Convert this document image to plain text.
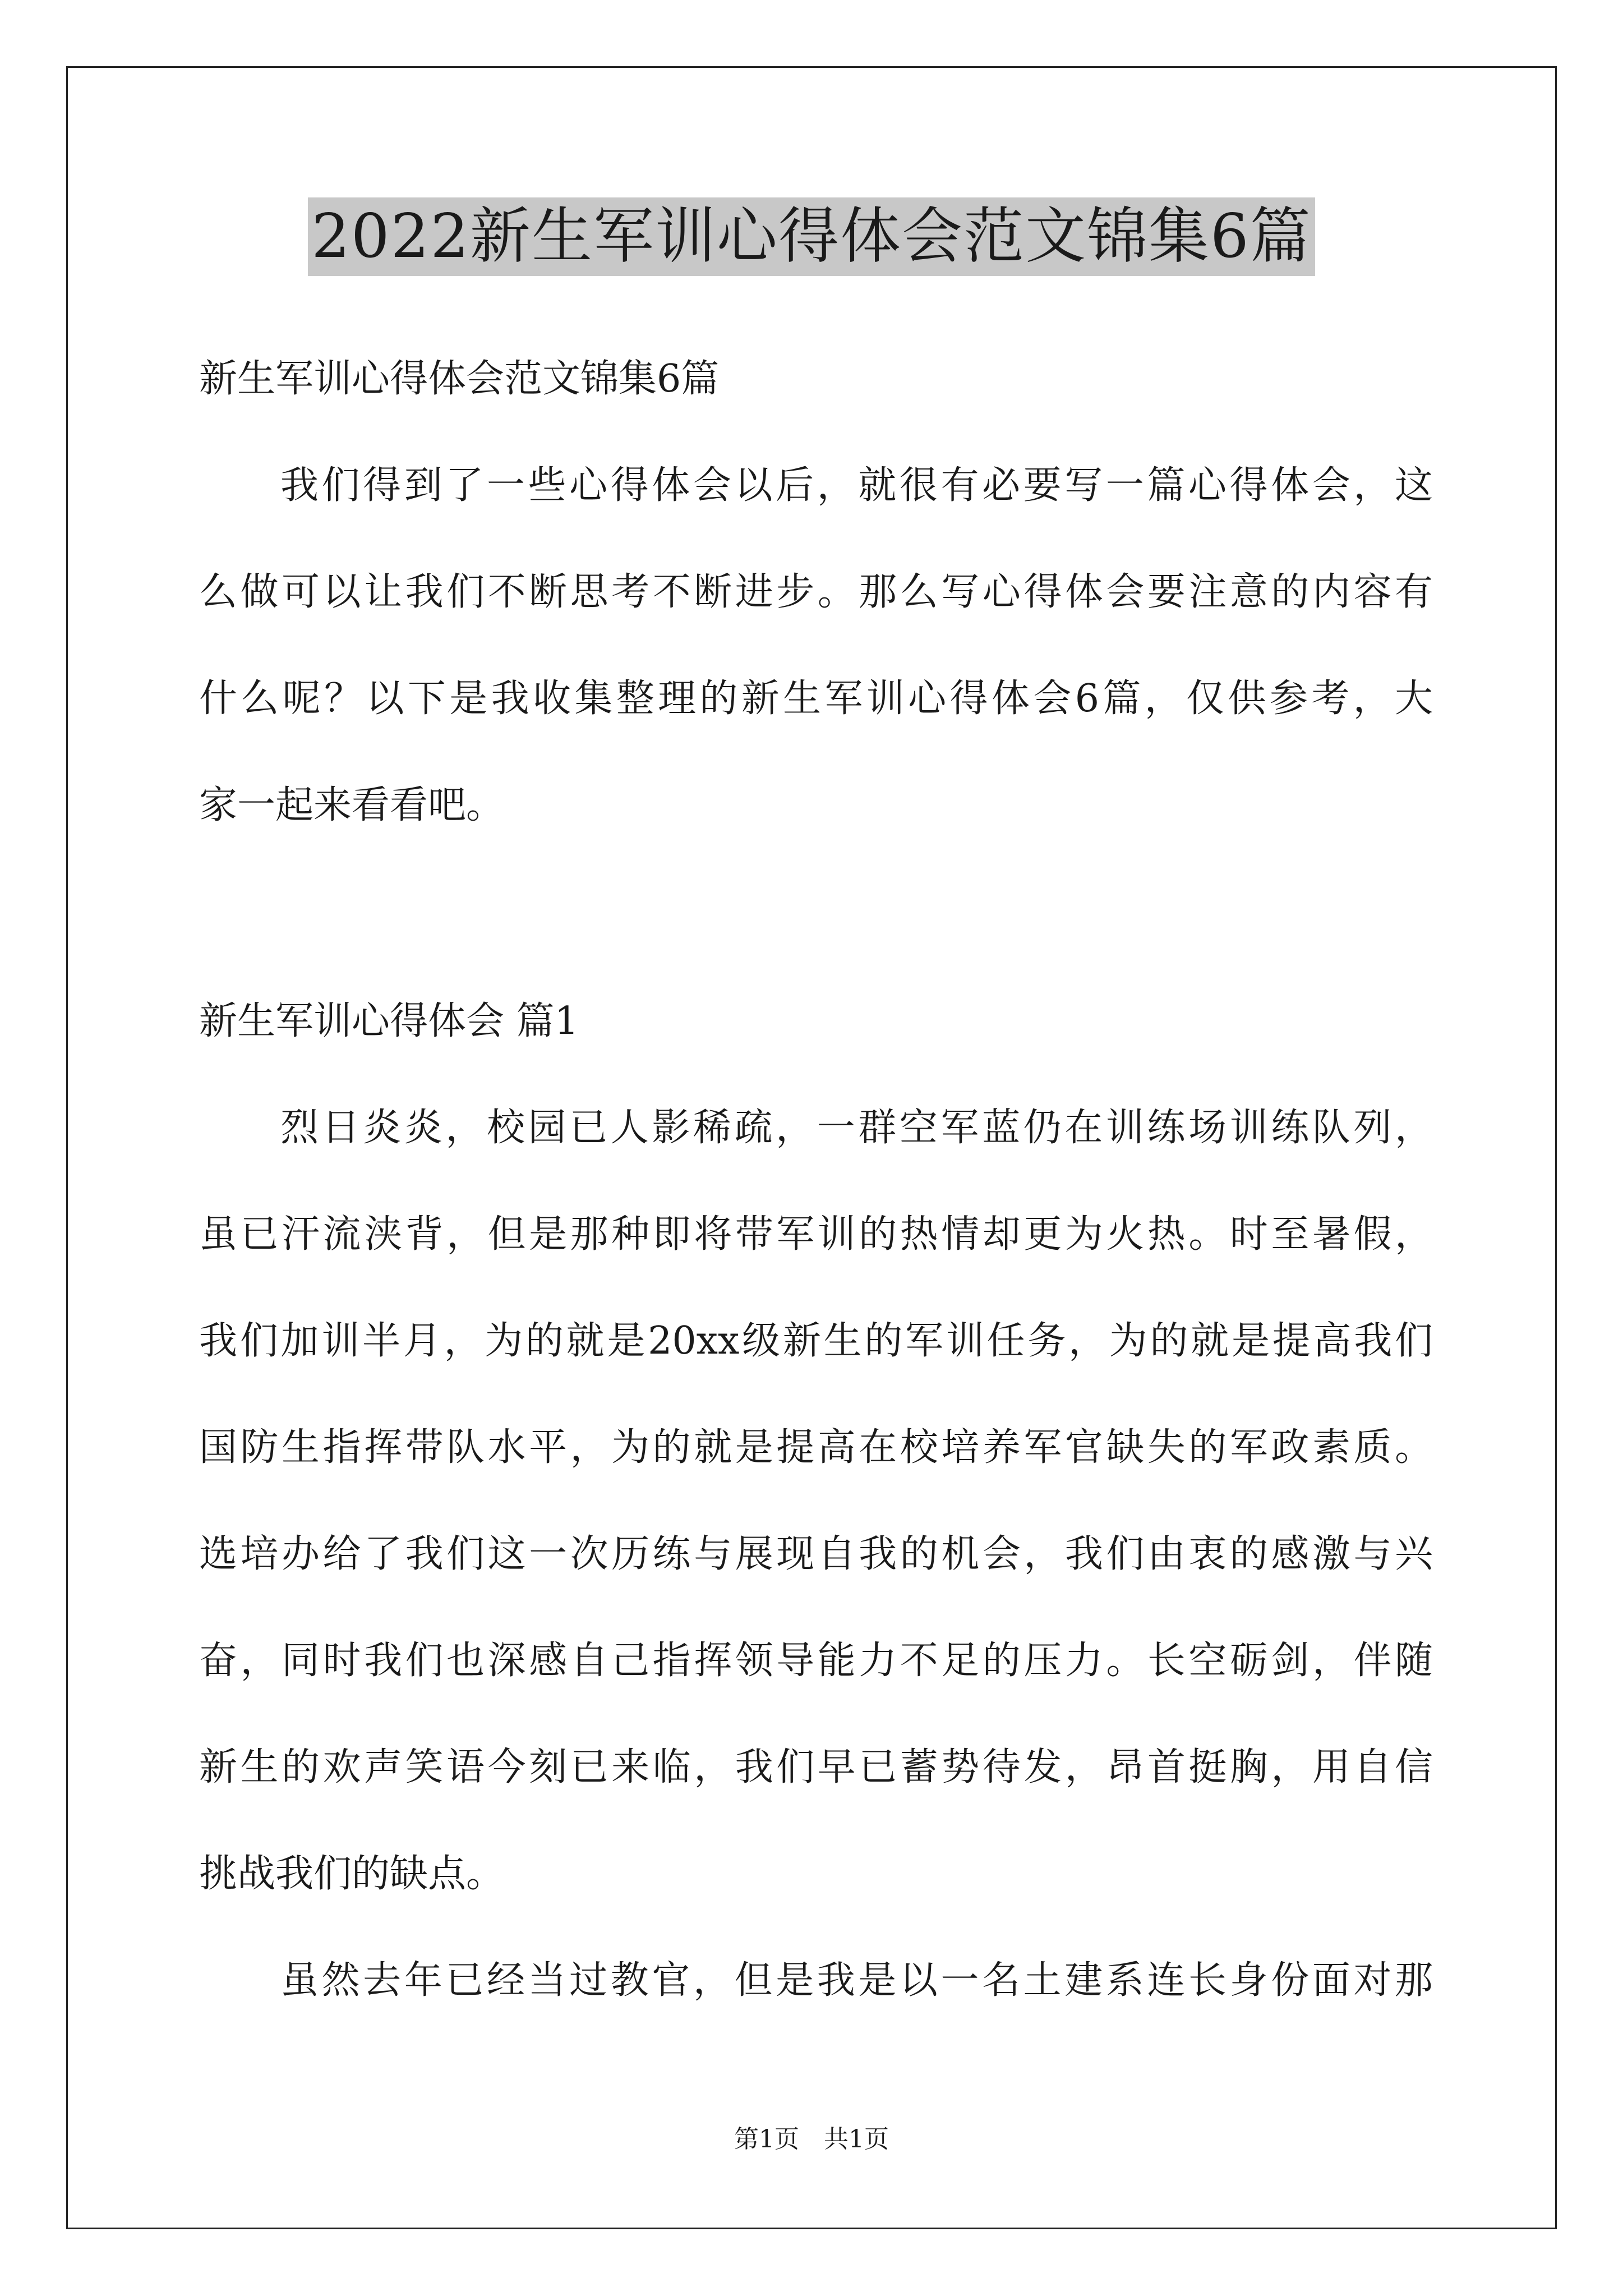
2022新生军训心得体会范文锦集6篇
新生军训心得体会范文锦集6篇
我们得到了一些心得体会以后，就很有必要写一篇心得体会，这
么做可以让我们不断思考不断进步。那么写心得体会要注意的内容有
什么呢？以下是我收集整理的新生军训心得体会6篇，仅供参考，大
家一起来看看吧。
新生军训心得体会 篇1
烈日炎炎，校园已人影稀疏，一群空军蓝仍在训练场训练队列，
虽已汗流浃背，但是那种即将带军训的热情却更为火热。时至暑假，
我们加训半月，为的就是20xx级新生的军训任务，为的就是提高我们
国防生指挥带队水平，为的就是提高在校培养军官缺失的军政素质。
选培办给了我们这一次历练与展现自我的机会，我们由衷的感激与兴
奋，同时我们也深感自己指挥领导能力不足的压力。长空砺剑，伴随
新生的欢声笑语今刻已来临，我们早已蓄势待发，昂首挺胸，用自信
挑战我们的缺点。
虽然去年已经当过教官，但是我是以一名土建系连长身份面对那
第1页　共1页
